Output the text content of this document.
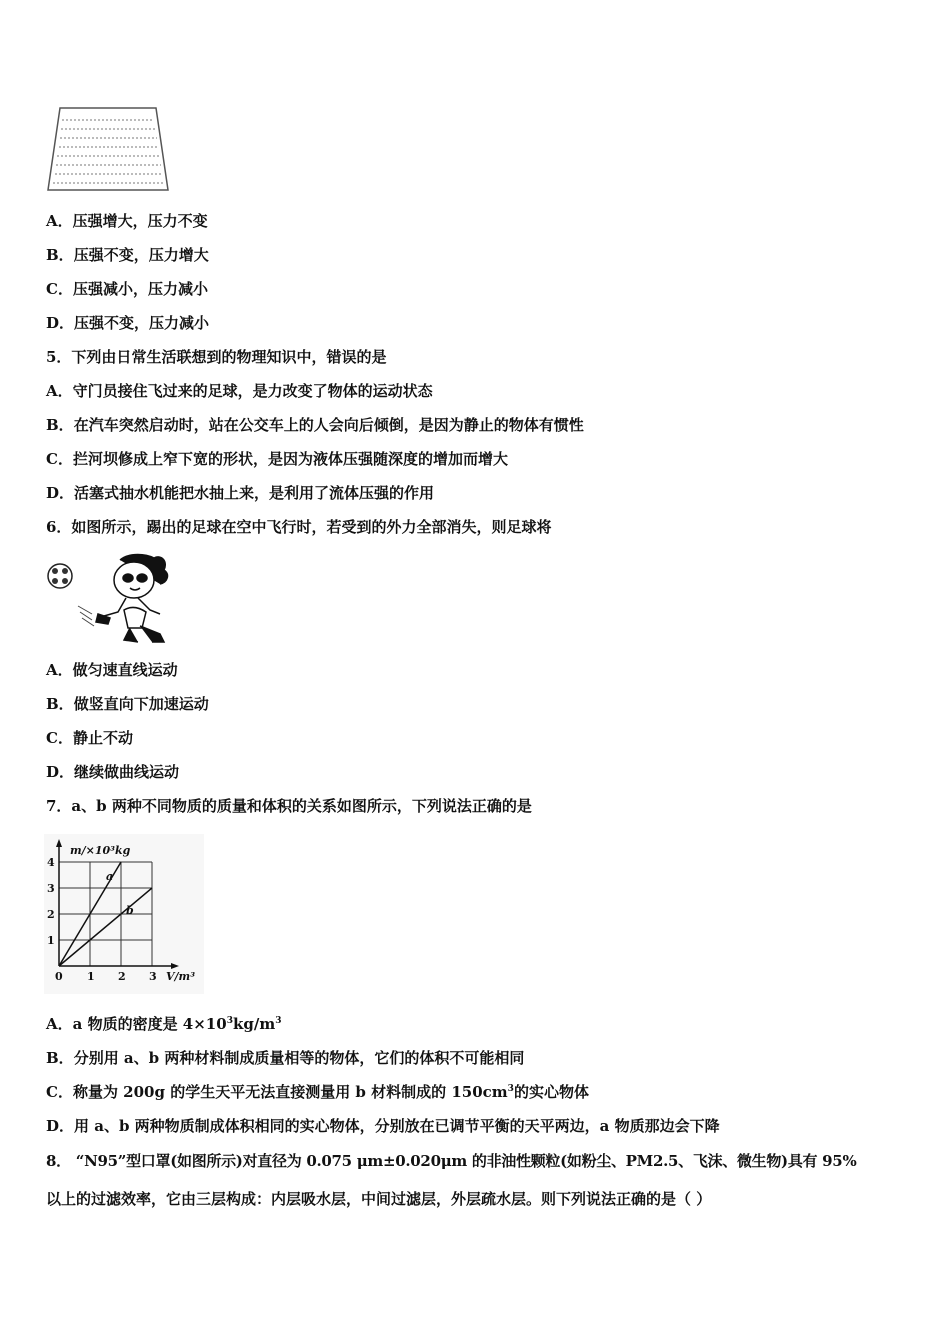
A．压强增大，压力不变
B．压强不变，压力增大
C．压强减小，压力减小
D．压强不变，压力减小
5．下列由日常生活联想到的物理知识中，错误的是
A．守门员接住飞过来的足球，是力改变了物体的运动状态
B．在汽车突然启动时，站在公交车上的人会向后倾倒，是因为静止的物体有惯性
C．拦河坝修成上窄下宽的形状，是因为液体压强随深度的增加而增大
D．活塞式抽水机能把水抽上来，是利用了流体压强的作用
6．如图所示，踢出的足球在空中飞行时，若受到的外力全部消失，则足球将
A．做匀速直线运动
B．做竖直向下加速运动
C．静止不动
D．继续做曲线运动
7．a、b 两种不同物质的质量和体积的关系如图所示，下列说法正确的是
1 2 3
1
2
3
4
m/×10³kg
V/m³
0
a
b
A．a 物质的密度是 $4\times 10^3kg/m^3$
B．分别用 a、b 两种材料制成质量相等的物体，它们的体积不可能相同
C．称量为 200g 的学生天平无法直接测量用 b 材料制成的 $150cm^3$的实心物体
D．用 a、b 两种物质制成体积相同的实心物体，分别放在已调节平衡的天平两边，a 物质那边会下降
8． “N95”型口罩(如图所示)对直径为 0.075 μm±0.020μm 的非油性颗粒(如粉尘、PM2.5、飞沫、微生物)具有 95%
以上的过滤效率，它由三层构成：内层吸水层，中间过滤层，外层疏水层。则下列说法正确的是（ ）
